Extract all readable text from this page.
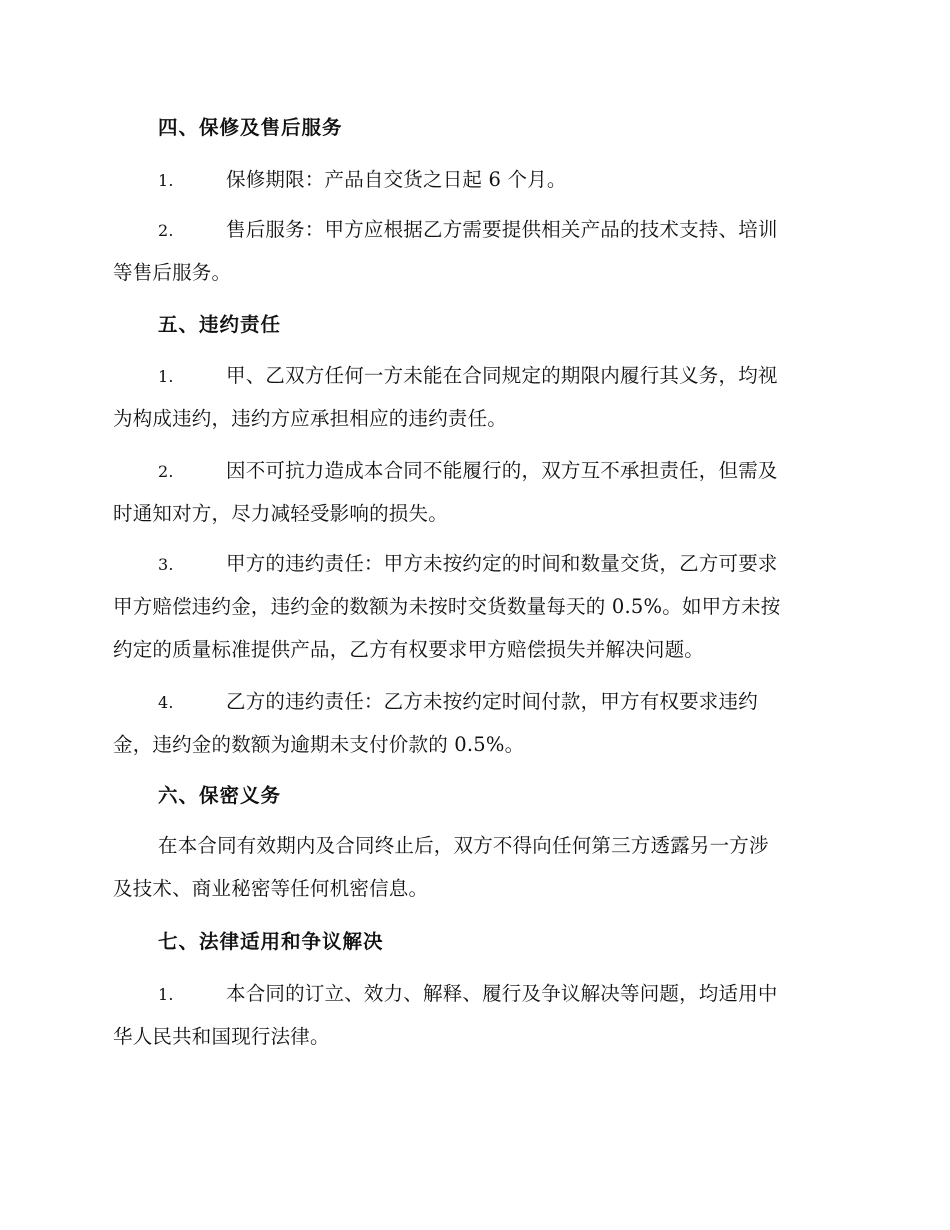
四、保修及售后服务
1.	保修期限：产品自交货之日起 6 个月。
2.	售后服务：甲方应根据乙方需要提供相关产品的技术支持、培训
等售后服务。
五、违约责任
1.	甲、乙双方任何一方未能在合同规定的期限内履行其义务，均视
为构成违约，违约方应承担相应的违约责任。
2.	因不可抗力造成本合同不能履行的，双方互不承担责任，但需及
时通知对方，尽力减轻受影响的损失。
3.	甲方的违约责任：甲方未按约定的时间和数量交货，乙方可要求
甲方赔偿违约金，违约金的数额为未按时交货数量每天的 0.5%。如甲方未按
约定的质量标准提供产品，乙方有权要求甲方赔偿损失并解决问题。
4.	乙方的违约责任：乙方未按约定时间付款，甲方有权要求违约
金，违约金的数额为逾期未支付价款的 0.5%。
六、保密义务
在本合同有效期内及合同终止后，双方不得向任何第三方透露另一方涉
及技术、商业秘密等任何机密信息。
七、法律适用和争议解决
1.	本合同的订立、效力、解释、履行及争议解决等问题，均适用中
华人民共和国现行法律。
